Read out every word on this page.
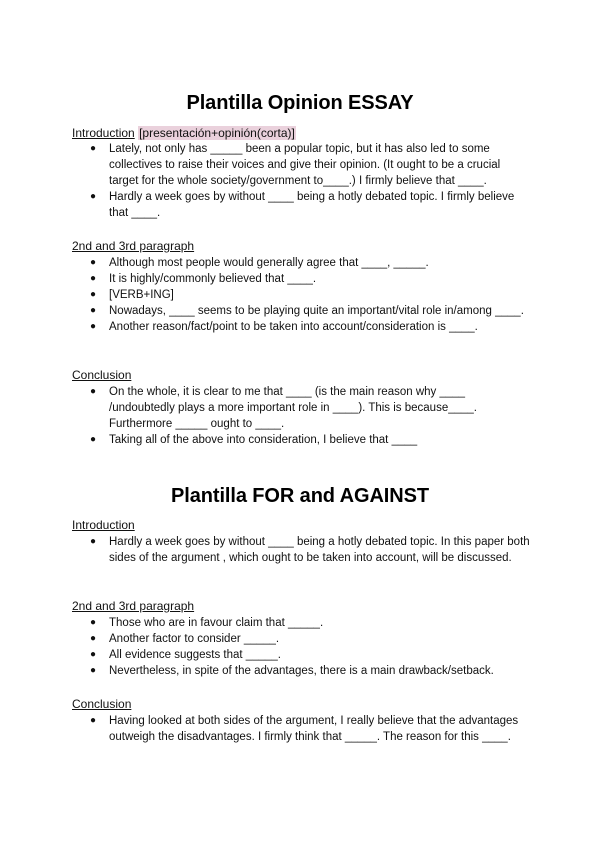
Plantilla Opinion ESSAY
Introduction [presentación+opinión(corta)]
●	Lately, not only has _____ been a popular topic, but it has also led to some collectives to raise their voices and give their opinion. (It ought to be a crucial target for the whole society/government to____.) I firmly believe that ____.
●	Hardly a week goes by without ____ being a hotly debated topic. I firmly believe that ____.
2nd and 3rd paragraph
●	Although most people would generally agree that ____, _____.
●	It is highly/commonly believed that ____.
●	[VERB+ING]
●	Nowadays, ____ seems to be playing quite an important/vital role in/among ____.
●	Another reason/fact/point to be taken into account/consideration is ____.
Conclusion
●	On the whole, it is clear to me that ____ (is the main reason why ____ /undoubtedly plays a more important role in ____). This is because____. Furthermore _____ ought to ____.
●	Taking all of the above into consideration, I believe that ____
Plantilla FOR and AGAINST
Introduction
●	Hardly a week goes by without ____ being a hotly debated topic. In this paper both sides of the argument , which ought to be taken into account, will be discussed.
2nd and 3rd paragraph
●	Those who are in favour claim that _____.
●	Another factor to consider _____.
●	All evidence suggests that _____.
●	Nevertheless, in spite of the advantages, there is a main drawback/setback.
Conclusion
●	Having looked at both sides of the argument, I really believe that the advantages outweigh the disadvantages. I firmly think that _____. The reason for this ____.
